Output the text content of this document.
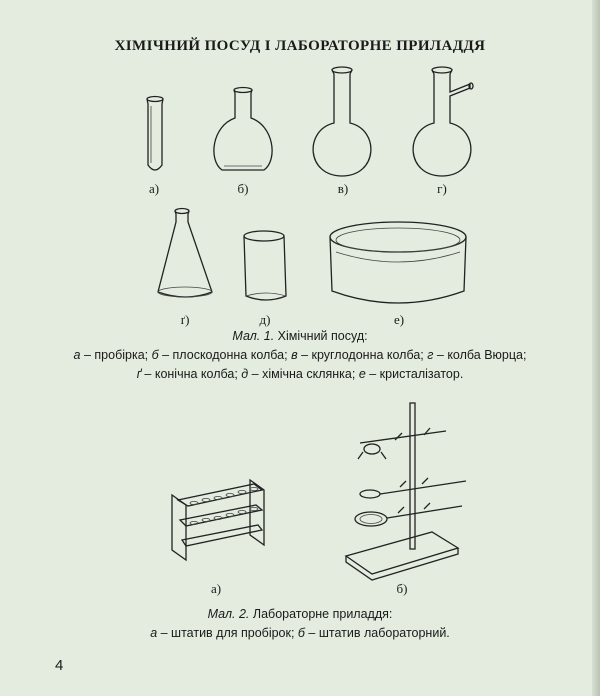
ХІМІЧНИЙ ПОСУД І ЛАБОРАТОРНЕ ПРИЛАДДЯ
а)	б)	в)	г)
ґ)	д)	е)
Мал. 1. Хімічний посуд:
а – пробірка; б – плоскодонна колба; в – круглодонна колба; г – колба Вюрца;
ґ – конічна колба; д – хімічна склянка; е – кристалізатор.
а)	б)
Мал. 2. Лабораторне приладдя:
а – штатив для пробірок; б – штатив лабораторний.
4
